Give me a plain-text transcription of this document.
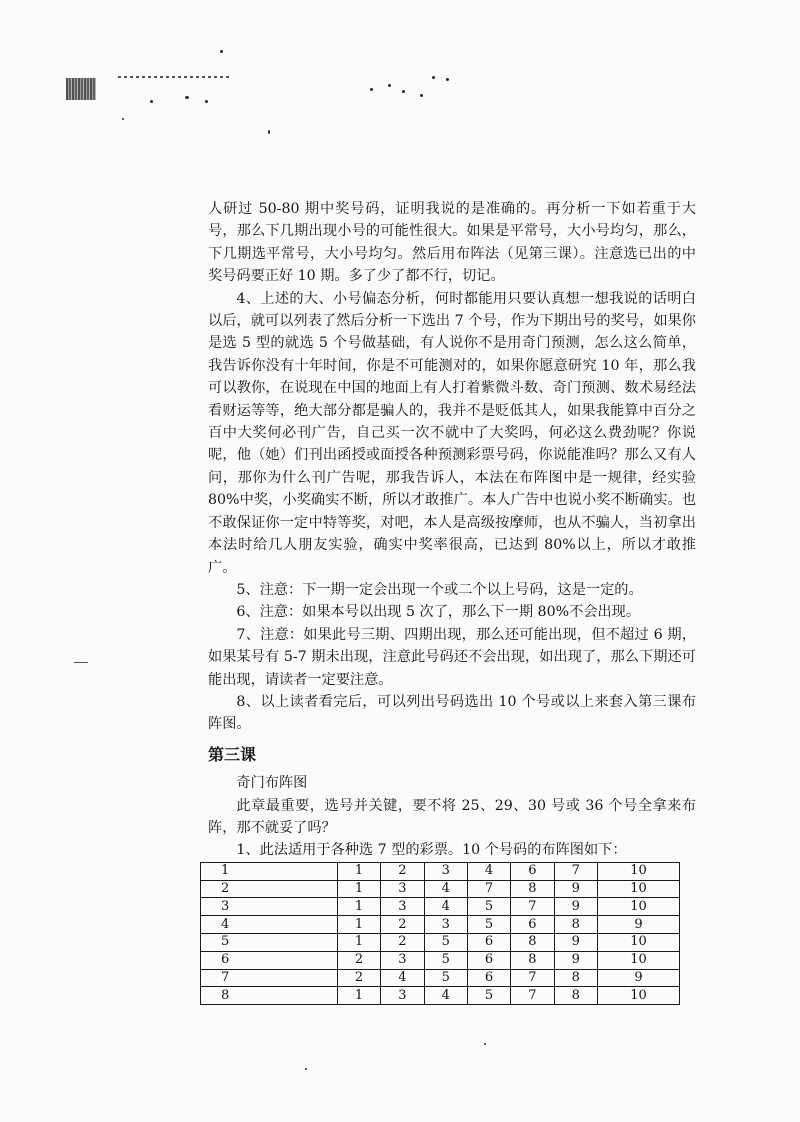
人研过 50-80 期中奖号码，证明我说的是准确的。再分析一下如若重于大号，那么下几期出现小号的可能性很大。如果是平常号，大小号均匀，那么，下几期选平常号，大小号均匀。然后用布阵法（见第三课）。注意选已出的中奖号码要正好 10 期。多了少了都不行，切记。

4、上述的大、小号偏态分析，何时都能用只要认真想一想我说的话明白以后，就可以列表了然后分析一下选出 7 个号，作为下期出号的奖号，如果你是选 5 型的就选 5 个号做基础，有人说你不是用奇门预测，怎么这么简单，我告诉你没有十年时间，你是不可能测对的，如果你愿意研究 10 年，那么我可以教你，在说现在中国的地面上有人打着紫微斗数、奇门预测、数术易经法看财运等等，绝大部分都是骗人的，我并不是贬低其人，如果我能算中百分之百中大奖何必刊广告，自己买一次不就中了大奖吗，何必这么费劲呢？你说呢，他（她）们刊出函授或面授各种预测彩票号码，你说能准吗？那么又有人问，那你为什么刊广告呢，那我告诉人，本法在布阵图中是一规律，经实验 80%中奖，小奖确实不断，所以才敢推广。本人广告中也说小奖不断确实。也不敢保证你一定中特等奖，对吧，本人是高级按摩师，也从不骗人，当初拿出本法时给几人朋友实验，确实中奖率很高，已达到 80%以上，所以才敢推广。

5、注意：下一期一定会出现一个或二个以上号码，这是一定的。

6、注意：如果本号以出现 5 次了，那么下一期 80%不会出现。

7、注意：如果此号三期、四期出现，那么还可能出现，但不超过 6 期，如果某号有 5-7 期未出现，注意此号码还不会出现，如出现了，那么下期还可能出现，请读者一定要注意。

8、以上读者看完后，可以列出号码选出 10 个号或以上来套入第三课布阵图。

第三课

奇门布阵图

此章最重要，选号并关键，要不将 25、29、30 号或 36 个号全拿来布阵，那不就妥了吗？

1、此法适用于各种选 7 型的彩票。10 个号码的布阵图如下：

1	1	2	3	4	6	7	10
2	1	3	4	7	8	9	10
3	1	3	4	5	7	9	10
4	1	2	3	5	6	8	9
5	1	2	5	6	8	9	10
6	2	3	5	6	8	9	10
7	2	4	5	6	7	8	9
8	1	3	4	5	7	8	10
